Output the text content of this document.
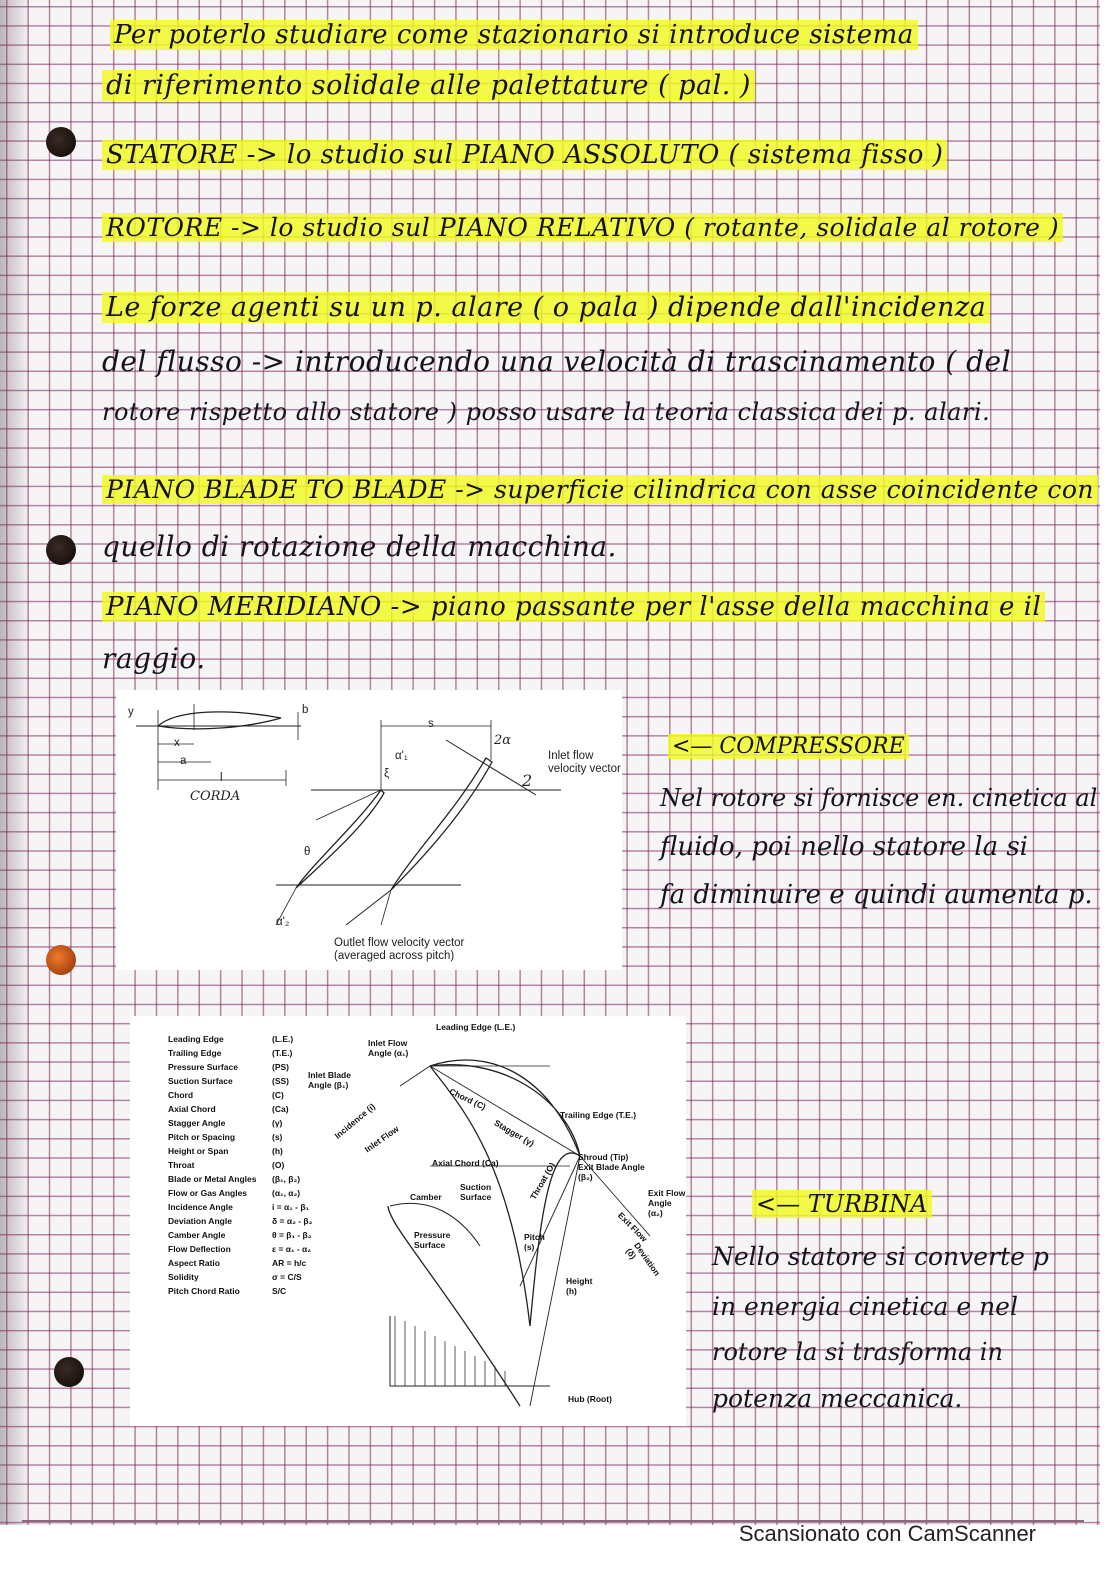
Per poterlo studiare come stazionario si introduce sistema

di riferimento solidale alle palettature ( pal. )

STATORE -> lo studio sul PIANO ASSOLUTO ( sistema fisso )

ROTORE -> lo studio sul PIANO RELATIVO ( rotante, solidale al rotore )

Le forze agenti su un p. alare ( o pala ) dipende dall'incidenza

del flusso -> introducendo una velocità di trascinamento ( del

rotore rispetto allo statore ) posso usare la teoria classica dei p. alari.

PIANO BLADE TO BLADE -> superficie cilindrica con asse coincidente con

quello di rotazione della macchina.

PIANO MERIDIANO -> piano passante per l'asse della macchina e il

raggio.

y	b

x

a

l

CORDA

s

α'₁

2α

ξ

Inlet flow
velocity vector

2

θ

α'₂

Outlet flow velocity vector
(averaged across pitch)

<— COMPRESSORE

Nel rotore si fornisce en. cinetica al

fluido, poi nello statore la si

fa diminuire e quindi aumenta p.

Leading Edge	(L.E.)
Trailing Edge	(T.E.)
Pressure Surface	(PS)
Suction Surface	(SS)
Chord	(C)
Axial Chord	(Ca)
Stagger Angle	(γ)
Pitch or Spacing	(s)
Height or Span	(h)
Throat	(O)
Blade or Metal Angles (β₁, β₂)
Flow or Gas Angles	(α₁, α₂)
Incidence Angle	i = α₁ - β₁
Deviation Angle	δ = α₂ - β₂
Camber Angle	θ = β₁ - β₂
Flow Deflection	ε = α₁ - α₂
Aspect Ratio	AR = h/c
Solidity	σ = C/S
Pitch Chord Ratio	S/C

Leading Edge (L.E.)

Inlet Flow
Angle (α₁)

Inlet Blade
Angle (β₁)

Chord (C)

Trailing Edge (T.E.)

Incidence (i)

Inlet Flow	Stagger (γ)

Shroud (Tip)
Exit Blade Angle
(β₂)

Axial Chord (Ca)	Throat (O)

Suction
Surface

Camber	Exit Flow
Angle
(α₂)

Exit Flow

Pressure
Surface

Pitch
(s)	Deviation
(δ)

Height
(h)

Hub (Root)

<— TURBINA

Nello statore si converte p

in energia cinetica e nel

rotore la si trasforma in

potenza meccanica.

Scansionato con CamScanner
